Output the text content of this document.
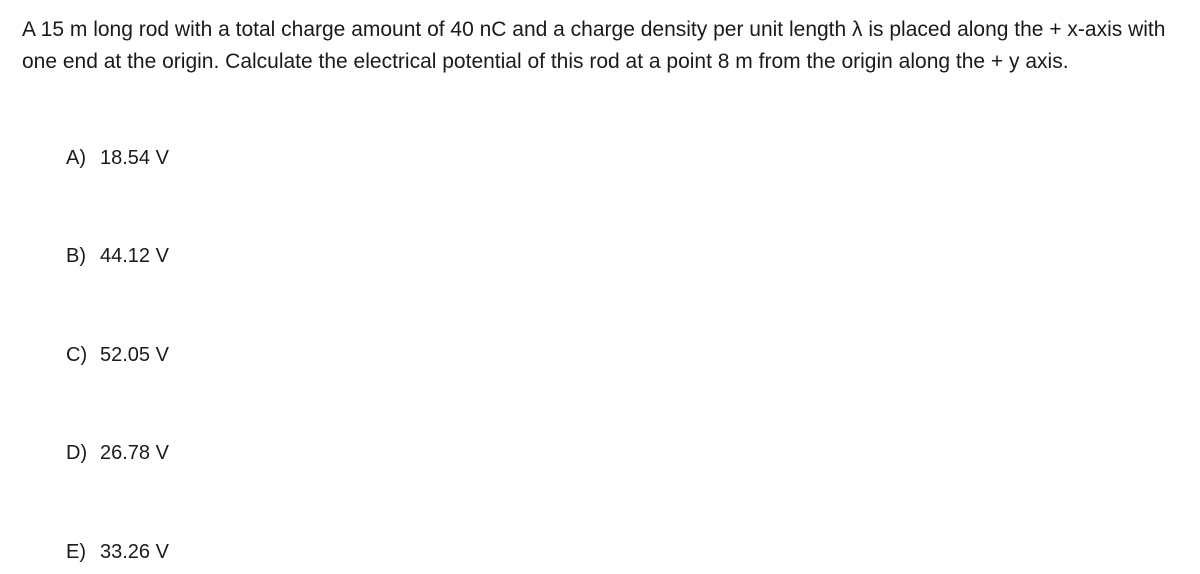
A 15 m long rod with a total charge amount of 40 nC and a charge density per unit length λ is placed along the + x-axis with one end at the origin. Calculate the electrical potential of this rod at a point 8 m from the origin along the + y axis.

A) 18.54 V
B) 44.12 V
C) 52.05 V
D) 26.78 V
E) 33.26 V
